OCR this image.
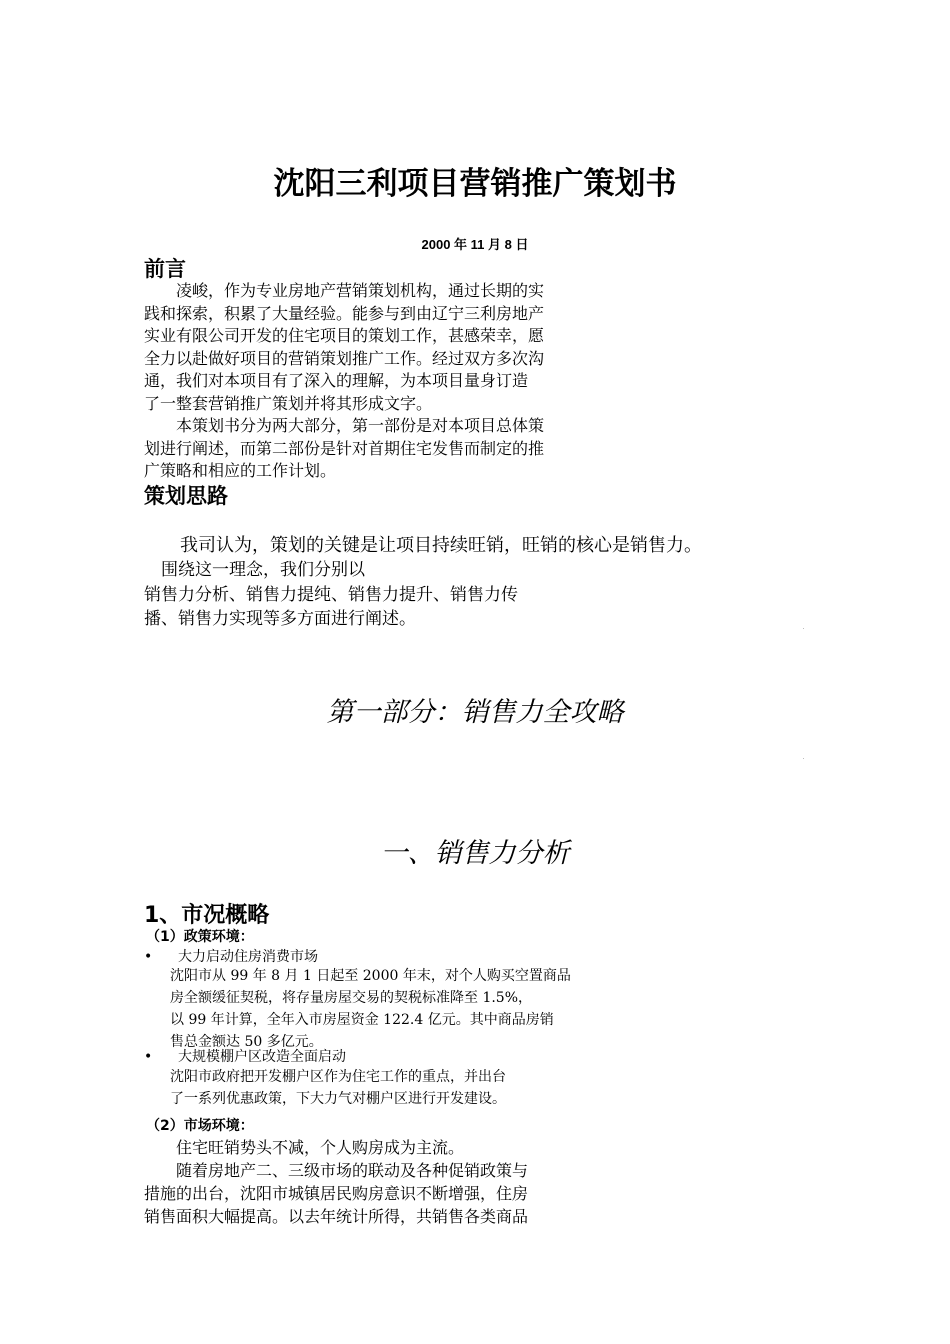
沈阳三利项目营销推广策划书
2000 年 11 月 8 日
前言
　　凌峻，作为专业房地产营销策划机构，通过长期的实
践和探索，积累了大量经验。能参与到由辽宁三利房地产
实业有限公司开发的住宅项目的策划工作，甚感荣幸，愿
全力以赴做好项目的营销策划推广工作。经过双方多次沟
通，我们对本项目有了深入的理解，为本项目量身订造
了一整套营销推广策划并将其形成文字。
　　本策划书分为两大部分，第一部份是对本项目总体策
划进行阐述，而第二部份是针对首期住宅发售而制定的推
广策略和相应的工作计划。
策划思路
　　我司认为，策划的关键是让项目持续旺销，旺销的核心是销售力。
　围绕这一理念，我们分别以
销售力分析、销售力提纯、销售力提升、销售力传
播、销售力实现等多方面进行阐述。
第一部分：销售力全攻略
一、销售力分析
1、市况概略
（1）政策环境：
• 大力启动住房消费市场
沈阳市从 99 年 8 月 1 日起至 2000 年末，对个人购买空置商品
房全额缓征契税，将存量房屋交易的契税标准降至 1.5%，
以 99 年计算，全年入市房屋资金 122.4 亿元。其中商品房销
售总金额达 50 多亿元。
• 大规模棚户区改造全面启动
沈阳市政府把开发棚户区作为住宅工作的重点，并出台
了一系列优惠政策，下大力气对棚户区进行开发建设。
（2）市场环境：
　　住宅旺销势头不减，个人购房成为主流。
　　随着房地产二、三级市场的联动及各种促销政策与
措施的出台，沈阳市城镇居民购房意识不断增强，住房
销售面积大幅提高。以去年统计所得，共销售各类商品
